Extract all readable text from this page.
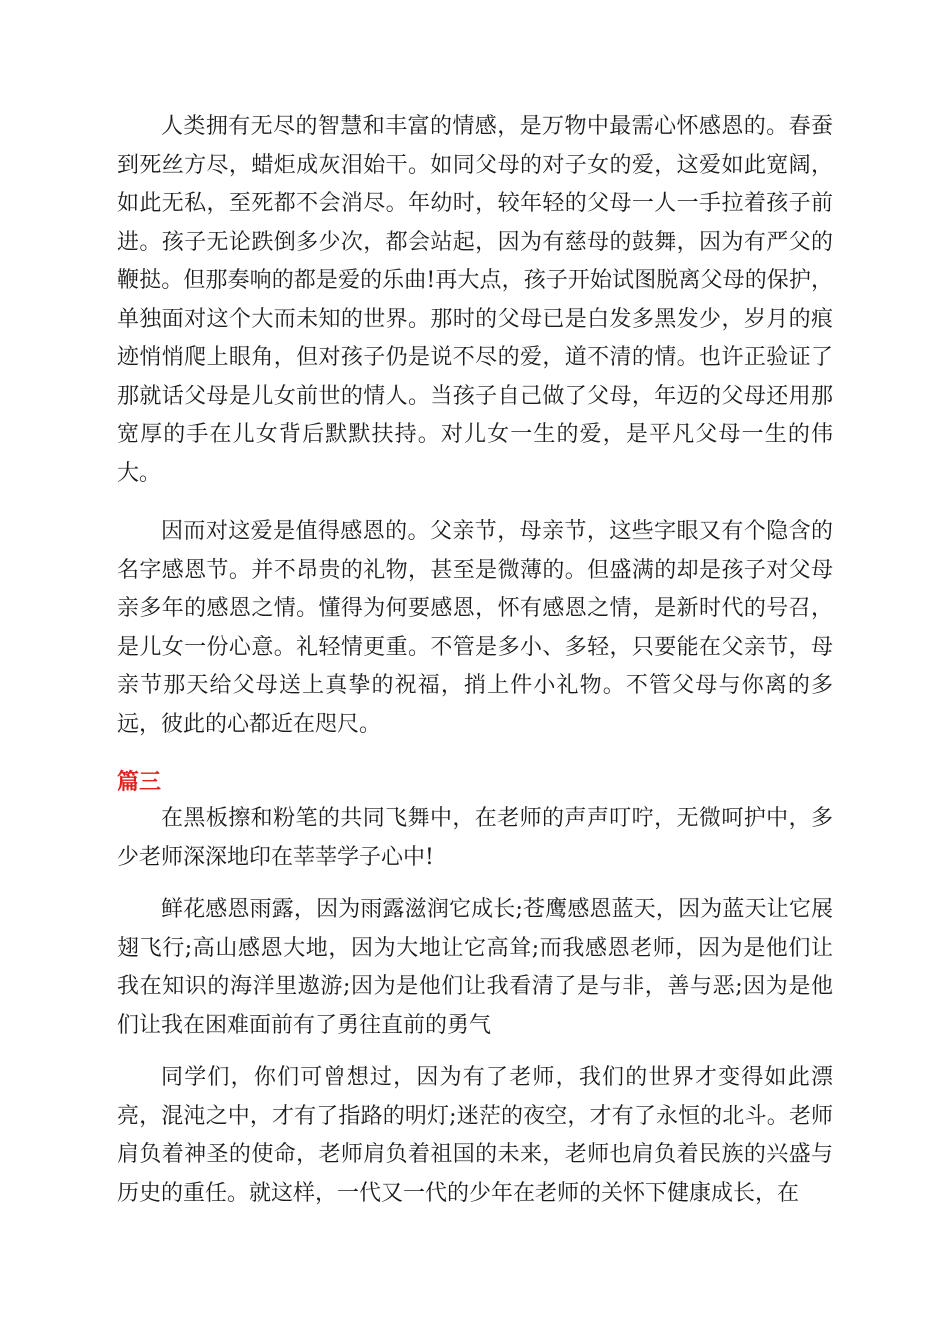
人类拥有无尽的智慧和丰富的情感，是万物中最需心怀感恩的。春蚕到死丝方尽，蜡炬成灰泪始干。如同父母的对子女的爱，这爱如此宽阔，如此无私，至死都不会消尽。年幼时，较年轻的父母一人一手拉着孩子前进。孩子无论跌倒多少次，都会站起，因为有慈母的鼓舞，因为有严父的鞭挞。但那奏响的都是爱的乐曲!再大点，孩子开始试图脱离父母的保护，单独面对这个大而未知的世界。那时的父母已是白发多黑发少，岁月的痕迹悄悄爬上眼角，但对孩子仍是说不尽的爱，道不清的情。也许正验证了那就话父母是儿女前世的情人。当孩子自己做了父母，年迈的父母还用那宽厚的手在儿女背后默默扶持。对儿女一生的爱，是平凡父母一生的伟大。

因而对这爱是值得感恩的。父亲节，母亲节，这些字眼又有个隐含的名字感恩节。并不昂贵的礼物，甚至是微薄的。但盛满的却是孩子对父母亲多年的感恩之情。懂得为何要感恩，怀有感恩之情，是新时代的号召，是儿女一份心意。礼轻情更重。不管是多小、多轻，只要能在父亲节，母亲节那天给父母送上真挚的祝福，捎上件小礼物。不管父母与你离的多远，彼此的心都近在咫尺。

篇三

在黑板擦和粉笔的共同飞舞中，在老师的声声叮咛，无微呵护中，多少老师深深地印在莘莘学子心中!

鲜花感恩雨露，因为雨露滋润它成长;苍鹰感恩蓝天，因为蓝天让它展翅飞行;高山感恩大地，因为大地让它高耸;而我感恩老师，因为是他们让我在知识的海洋里遨游;因为是他们让我看清了是与非，善与恶;因为是他们让我在困难面前有了勇往直前的勇气

同学们，你们可曾想过，因为有了老师，我们的世界才变得如此漂亮，混沌之中，才有了指路的明灯;迷茫的夜空，才有了永恒的北斗。老师肩负着神圣的使命，老师肩负着祖国的未来，老师也肩负着民族的兴盛与历史的重任。就这样，一代又一代的少年在老师的关怀下健康成长，在
